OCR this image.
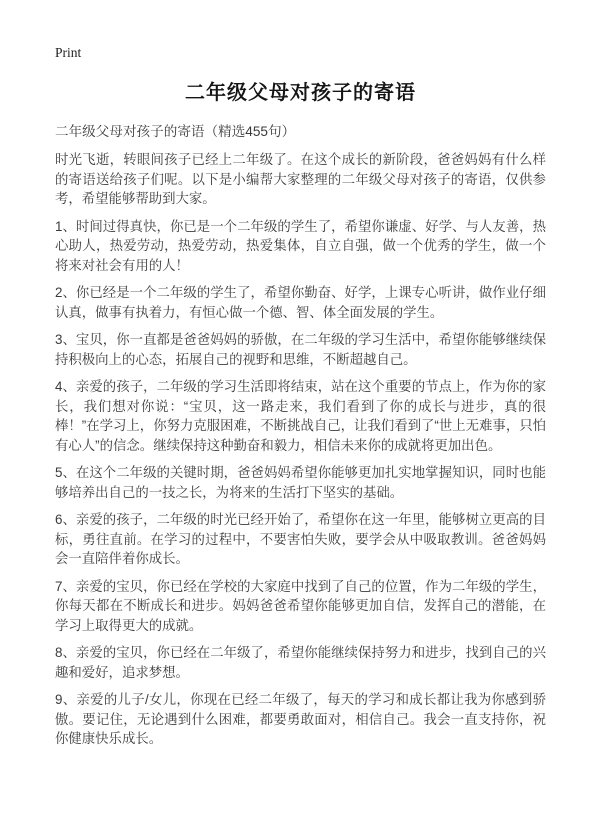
Print
二年级父母对孩子的寄语
二年级父母对孩子的寄语（精选455句）

时光飞逝，转眼间孩子已经上二年级了。在这个成长的新阶段，爸爸妈妈有什么样的寄语送给孩子们呢。以下是小编帮大家整理的二年级父母对孩子的寄语，仅供参考，希望能够帮助到大家。

1、时间过得真快，你已是一个二年级的学生了，希望你谦虚、好学、与人友善，热心助人，热爱劳动，热爱劳动，热爱集体，自立自强，做一个优秀的学生，做一个将来对社会有用的人！

2、你已经是一个二年级的学生了，希望你勤奋、好学，上课专心听讲，做作业仔细认真，做事有执着力，有恒心做一个德、智、体全面发展的学生。

3、宝贝，你一直都是爸爸妈妈的骄傲，在二年级的学习生活中，希望你能够继续保持积极向上的心态，拓展自己的视野和思维，不断超越自己。

4、亲爱的孩子，二年级的学习生活即将结束，站在这个重要的节点上，作为你的家长，我们想对你说：“宝贝，这一路走来，我们看到了你的成长与进步，真的很棒！”在学习上，你努力克服困难，不断挑战自己，让我们看到了“世上无难事，只怕有心人”的信念。继续保持这种勤奋和毅力，相信未来你的成就将更加出色。

5、在这个二年级的关键时期，爸爸妈妈希望你能够更加扎实地掌握知识，同时也能够培养出自己的一技之长，为将来的生活打下坚实的基础。

6、亲爱的孩子，二年级的时光已经开始了，希望你在这一年里，能够树立更高的目标，勇往直前。在学习的过程中，不要害怕失败，要学会从中吸取教训。爸爸妈妈会一直陪伴着你成长。

7、亲爱的宝贝，你已经在学校的大家庭中找到了自己的位置，作为二年级的学生，你每天都在不断成长和进步。妈妈爸爸希望你能够更加自信，发挥自己的潜能，在学习上取得更大的成就。

8、亲爱的宝贝，你已经在二年级了，希望你能继续保持努力和进步，找到自己的兴趣和爱好，追求梦想。

9、亲爱的儿子/女儿，你现在已经二年级了，每天的学习和成长都让我为你感到骄傲。要记住，无论遇到什么困难，都要勇敢面对，相信自己。我会一直支持你，祝你健康快乐成长。
